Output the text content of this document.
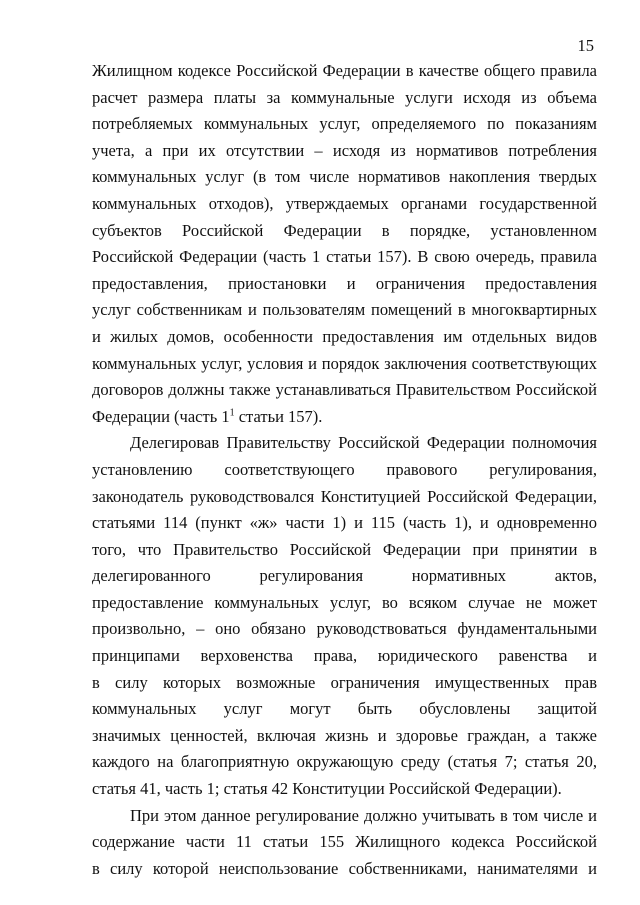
15
Жилищном кодексе Российской Федерации в качестве общего правила
расчет размера платы за коммунальные услуги исходя из объема
потребляемых коммунальных услуг, определяемого по показаниям
учета, а при их отсутствии – исходя из нормативов потребления
коммунальных услуг (в том числе нормативов накопления твердых
коммунальных отходов), утверждаемых органами государственной
субъектов Российской Федерации в порядке, установленном
Российской Федерации (часть 1 статьи 157). В свою очередь, правила
предоставления, приостановки и ограничения предоставления
услуг собственникам и пользователям помещений в многоквартирных
и жилых домов, особенности предоставления им отдельных видов
коммунальных услуг, условия и порядок заключения соответствующих
договоров должны также устанавливаться Правительством Российской
Федерации (часть $1^1$ статьи 157).
Делегировав Правительству Российской Федерации полномочия
установлению соответствующего правового регулирования,
законодатель руководствовался Конституцией Российской Федерации,
статьями 114 (пункт «ж» части 1) и 115 (часть 1), и одновременно
того, что Правительство Российской Федерации при принятии в
делегированного регулирования нормативных актов,
предоставление коммунальных услуг, во всяком случае не может
произвольно, – оно обязано руководствоваться фундаментальными
принципами верховенства права, юридического равенства и
в силу которых возможные ограничения имущественных прав
коммунальных услуг могут быть обусловлены защитой
значимых ценностей, включая жизнь и здоровье граждан, а также
каждого на благоприятную окружающую среду (статья 7; статья 20,
статья 41, часть 1; статья 42 Конституции Российской Федерации).
При этом данное регулирование должно учитывать в том числе и
содержание части 11 статьи 155 Жилищного кодекса Российской
в силу которой неиспользование собственниками, нанимателями и
